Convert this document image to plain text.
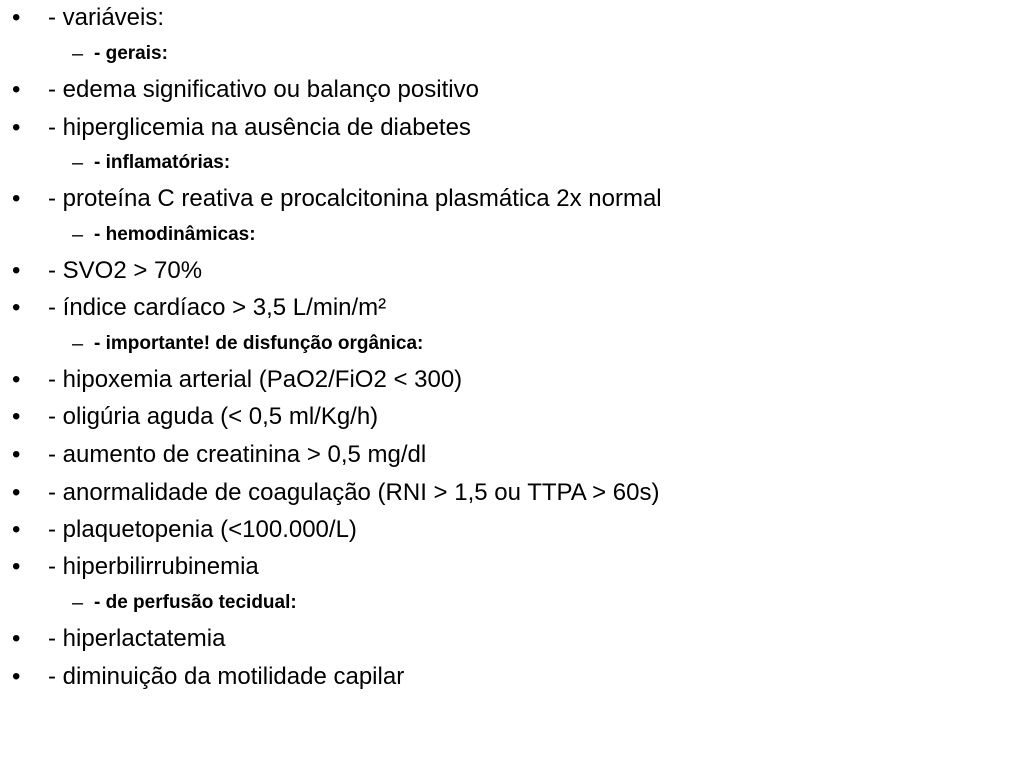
• - variáveis:
– - gerais:
• - edema significativo ou balanço positivo
• - hiperglicemia na ausência de diabetes
– - inflamatórias:
• - proteína C reativa e procalcitonina plasmática 2x normal
– - hemodinâmicas:
• - SVO2 > 70%
• - índice cardíaco > 3,5 L/min/m²
– - importante! de disfunção orgânica:
• - hipoxemia arterial (PaO2/FiO2 < 300)
• - oligúria aguda (< 0,5 ml/Kg/h)
• - aumento de creatinina > 0,5 mg/dl
• - anormalidade de coagulação (RNI > 1,5 ou TTPA > 60s)
• - plaquetopenia (<100.000/L)
• - hiperbilirrubinemia
– - de perfusão tecidual:
• - hiperlactatemia
• - diminuição da motilidade capilar
